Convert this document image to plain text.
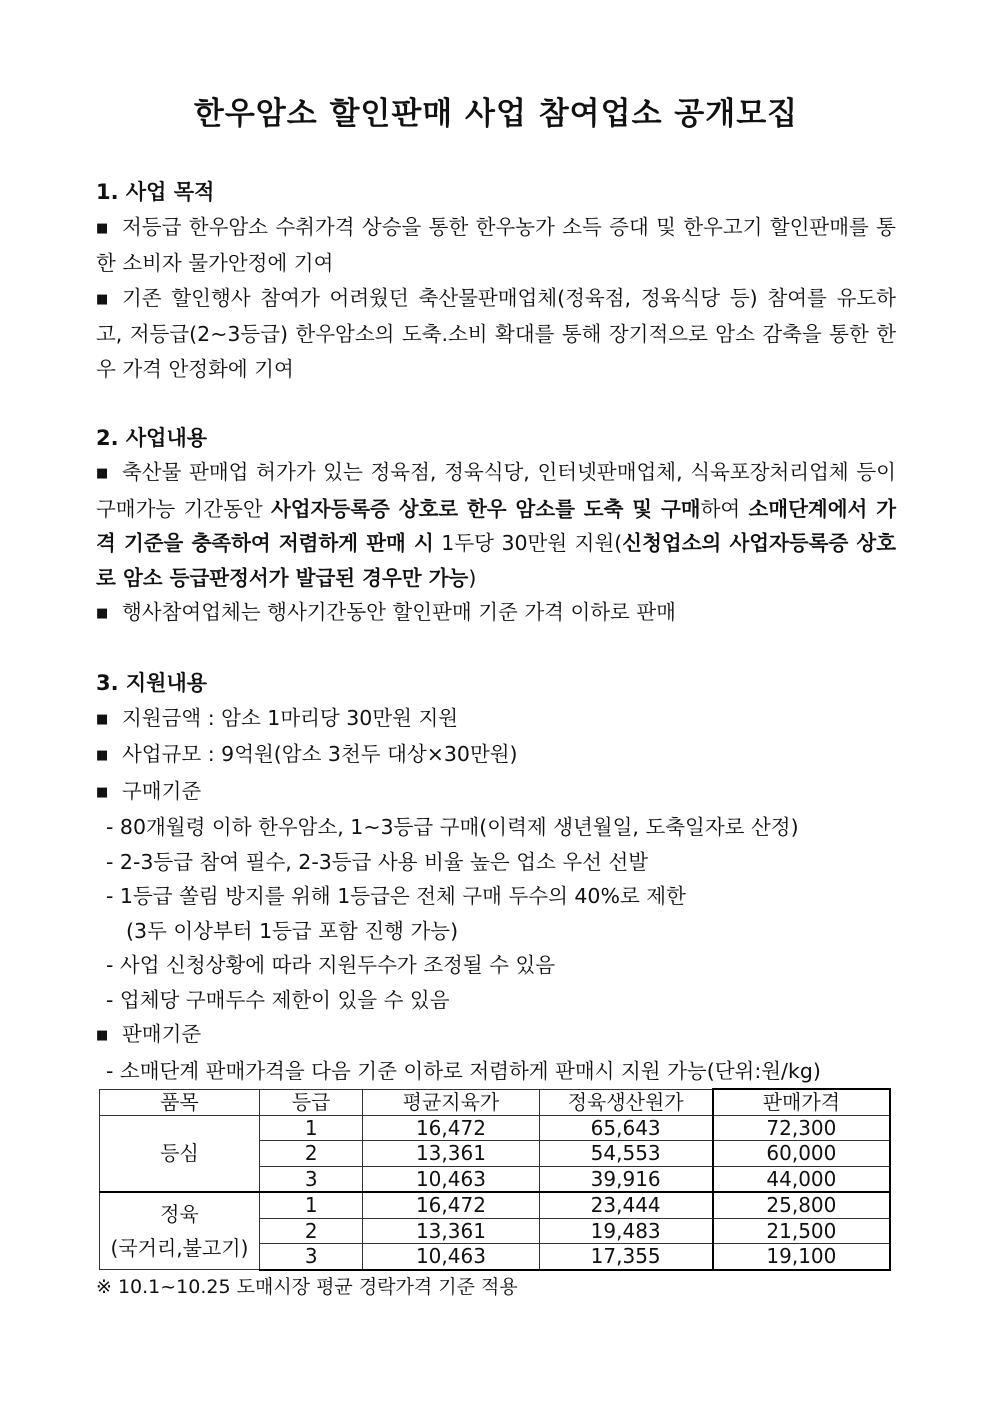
한우암소 할인판매 사업 참여업소 공개모집
1. 사업 목적
■ 저등급 한우암소 수취가격 상승을 통한 한우농가 소득 증대 및 한우고기 할인판매를 통한 소비자 물가안정에 기여
■ 기존 할인행사 참여가 어려웠던 축산물판매업체(정육점, 정육식당 등) 참여를 유도하고, 저등급(2~3등급) 한우암소의 도축.소비 확대를 통해 장기적으로 암소 감축을 통한 한우 가격 안정화에 기여
2. 사업내용
■ 축산물 판매업 허가가 있는 정육점, 정육식당, 인터넷판매업체, 식육포장처리업체 등이 구매가능 기간동안 사업자등록증 상호로 한우 암소를 도축 및 구매하여 소매단계에서 가격 기준을 충족하여 저렴하게 판매 시 1두당 30만원 지원(신청업소의 사업자등록증 상호로 암소 등급판정서가 발급된 경우만 가능)
■ 행사참여업체는 행사기간동안 할인판매 기준 가격 이하로 판매
3. 지원내용
■ 지원금액 : 암소 1마리당 30만원 지원
■ 사업규모 : 9억원(암소 3천두 대상×30만원)
■ 구매기준
- 80개월령 이하 한우암소, 1~3등급 구매(이력제 생년월일, 도축일자로 산정)
- 2-3등급 참여 필수, 2-3등급 사용 비율 높은 업소 우선 선발
- 1등급 쏠림 방지를 위해 1등급은 전체 구매 두수의 40%로 제한
(3두 이상부터 1등급 포함 진행 가능)
- 사업 신청상황에 따라 지원두수가 조정될 수 있음
- 업체당 구매두수 제한이 있을 수 있음
■ 판매기준
- 소매단계 판매가격을 다음 기준 이하로 저렴하게 판매시 지원 가능(단위:원/kg)
품목	등급	평균지육가	정육생산원가	판매가격
등심	1	16,472	65,643	72,300
	2	13,361	54,553	60,000
	3	10,463	39,916	44,000

정육
(국거리,불고기)	1	16,472	23,444	25,800
	2	13,361	19,483	21,500
	3	10,463	17,355	19,100
※ 10.1~10.25 도매시장 평균 경락가격 기준 적용
